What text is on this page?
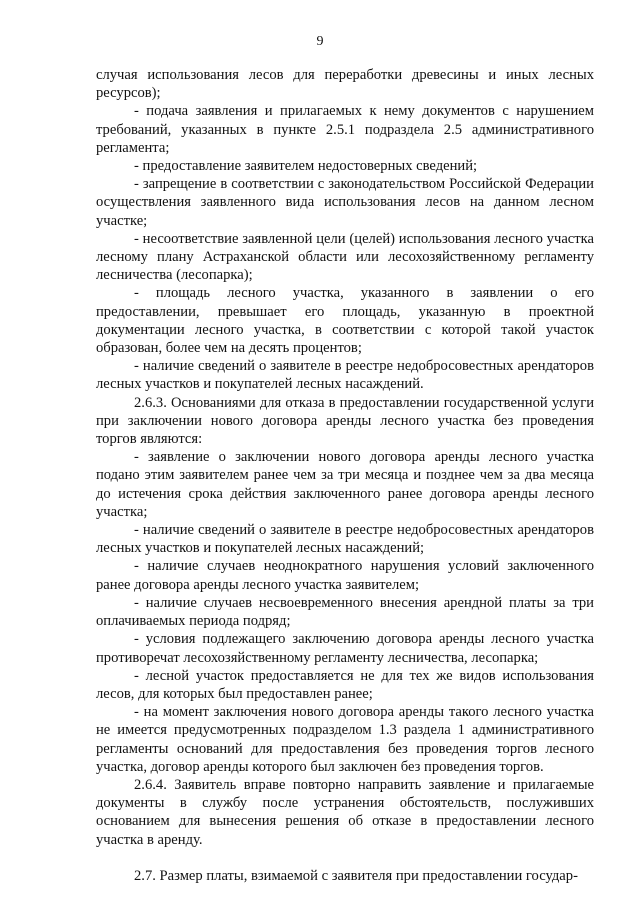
9

случая использования лесов для переработки древесины и иных лесных ресурсов);

- подача заявления и прилагаемых к нему документов с нарушением требований, указанных в пункте 2.5.1 подраздела 2.5 административного регламента;

- предоставление заявителем недостоверных сведений;

- запрещение в соответствии с законодательством Российской Федерации осуществления заявленного вида использования лесов на данном лесном участке;

- несоответствие заявленной цели (целей) использования лесного участка лесному плану Астраханской области или лесохозяйственному регламенту лесничества (лесопарка);

- площадь лесного участка, указанного в заявлении о его предоставлении, превышает его площадь, указанную в проектной документации лесного участка, в соответствии с которой такой участок образован, более чем на десять процентов;

- наличие сведений о заявителе в реестре недобросовестных арендаторов лесных участков и покупателей лесных насаждений.

2.6.3. Основаниями для отказа в предоставлении государственной услуги при заключении нового договора аренды лесного участка без проведения торгов являются:

- заявление о заключении нового договора аренды лесного участка подано этим заявителем ранее чем за три месяца и позднее чем за два месяца до истечения срока действия заключенного ранее договора аренды лесного участка;

- наличие сведений о заявителе в реестре недобросовестных арендаторов лесных участков и покупателей лесных насаждений;

- наличие случаев неоднократного нарушения условий заключенного ранее договора аренды лесного участка заявителем;

- наличие случаев несвоевременного внесения арендной платы за три оплачиваемых периода подряд;

- условия подлежащего заключению договора аренды лесного участка противоречат лесохозяйственному регламенту лесничества, лесопарка;

- лесной участок предоставляется не для тех же видов использования лесов, для которых был предоставлен ранее;

- на момент заключения нового договора аренды такого лесного участка не имеется предусмотренных подразделом 1.3 раздела 1 административного регламенты оснований для предоставления без проведения торгов лесного участка, договор аренды которого был заключен без проведения торгов.

2.6.4. Заявитель вправе повторно направить заявление и прилагаемые документы в службу после устранения обстоятельств, послуживших основанием для вынесения решения об отказе в предоставлении лесного участка в аренду.

2.7. Размер платы, взимаемой с заявителя при предоставлении государ-
